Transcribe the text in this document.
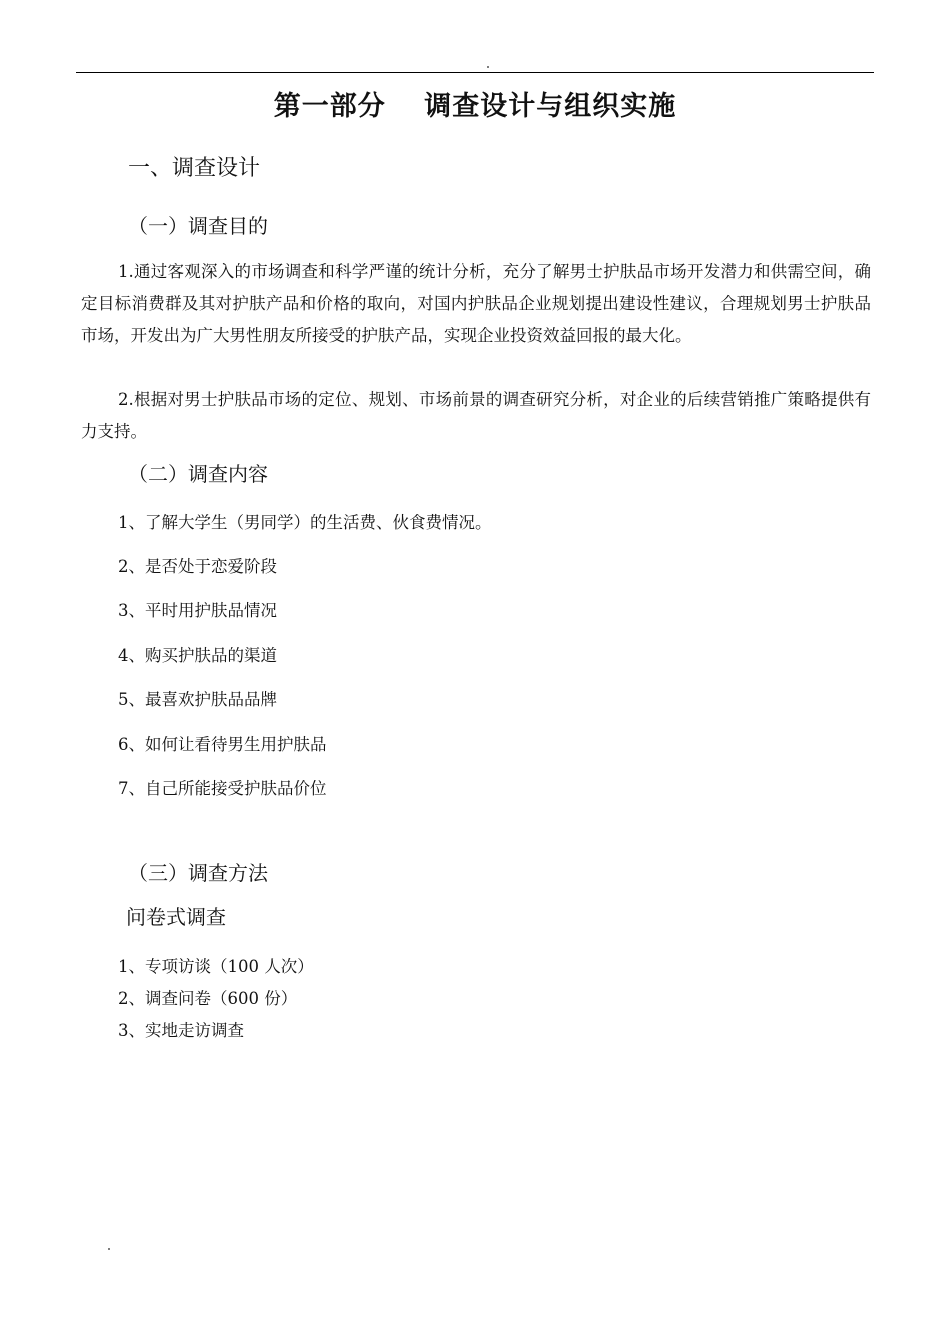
第一部分　 调查设计与组织实施
一、调查设计
（一）调查目的
1.通过客观深入的市场调查和科学严谨的统计分析，充分了解男士护肤品市场开发潜力和供需空间，确定目标消费群及其对护肤产品和价格的取向，对国内护肤品企业规划提出建设性建议，合理规划男士护肤品市场，开发出为广大男性朋友所接受的护肤产品，实现企业投资效益回报的最大化。
2.根据对男士护肤品市场的定位、规划、市场前景的调查研究分析，对企业的后续营销推广策略提供有力支持。
（二）调查内容
1、了解大学生（男同学）的生活费、伙食费情况。
2、是否处于恋爱阶段
3、平时用护肤品情况
4、购买护肤品的渠道
5、最喜欢护肤品品牌
6、如何让看待男生用护肤品
7、自己所能接受护肤品价位
（三）调查方法
问卷式调查
1、专项访谈（100 人次）
2、调查问卷（600 份）
3、实地走访调查
